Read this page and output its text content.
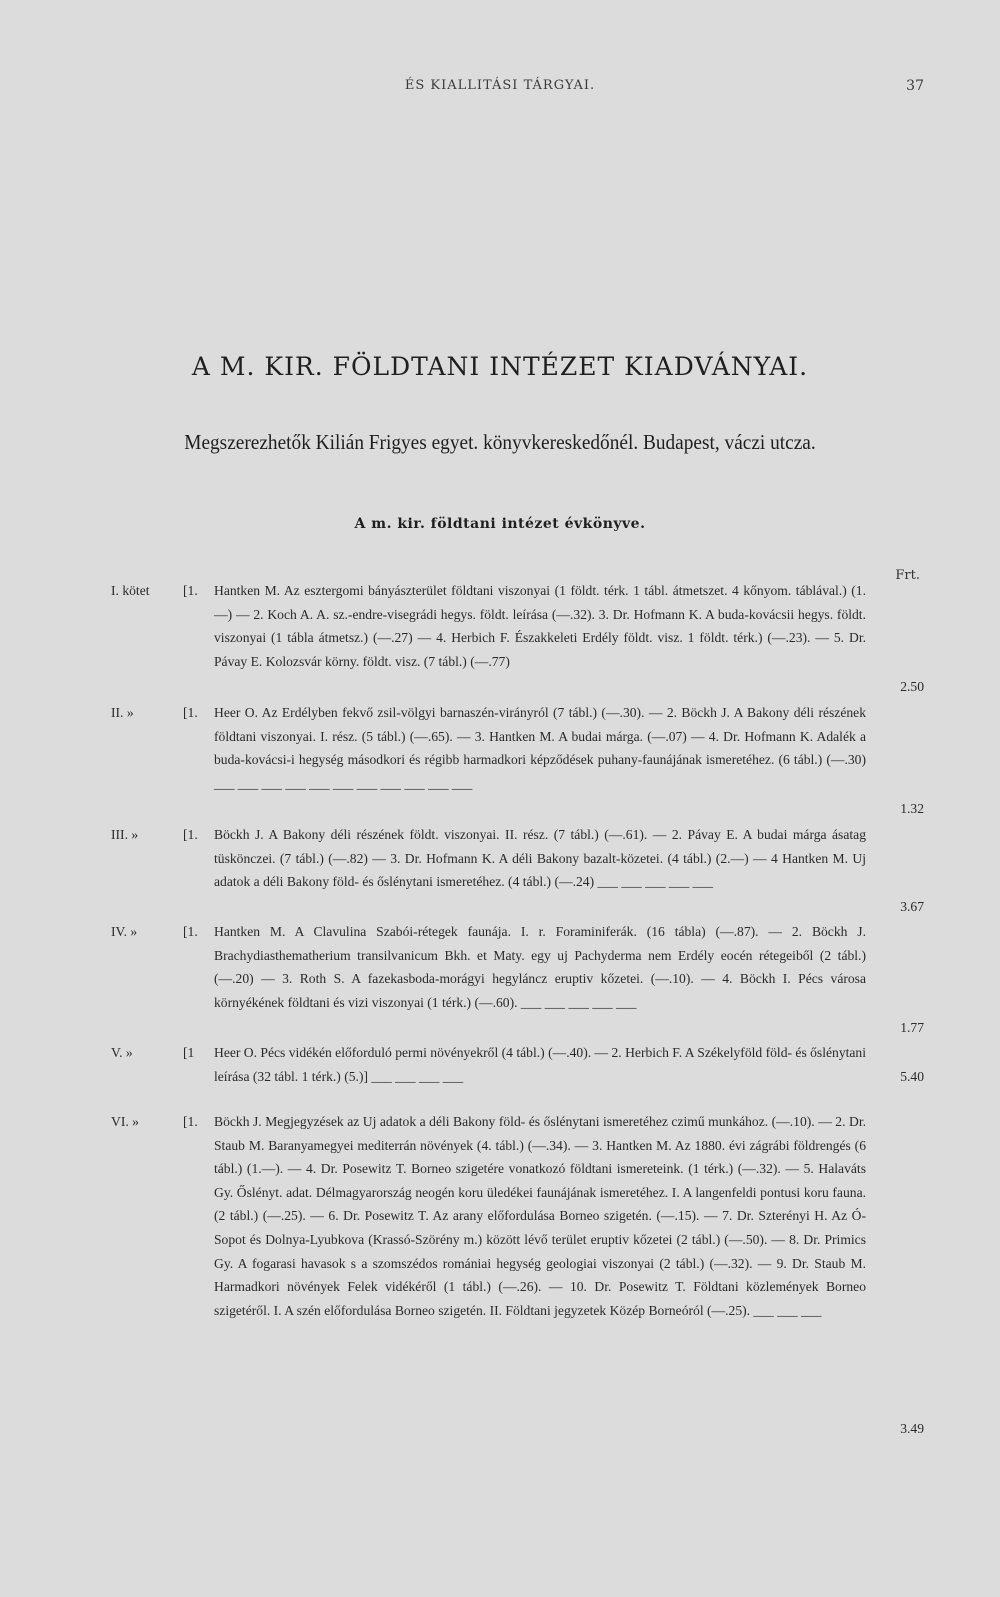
ÉS KIALLITÁSI TÁRGYAI.	37
A M. KIR. FÖLDTANI INTÉZET KIADVÁNYAI.
Megszerezhetők Kilián Frigyes egyet. könyvkereskedőnél. Budapest, váczi utcza.
A m. kir. földtani intézet évkönyve.
Frt.
I. kötet [1. Hantken M. Az esztergomi bányászterület földtani viszonyai (1 földt. térk. 1 tábl. átmetszet. 4 kőnyom. táblával.) (1.—) — 2. Koch A. A. sz.-endre-visegrádi hegys. földt. leírása (—.32). 3. Dr. Hofmann K. A buda-kovácsii hegys. földt. viszonyai (1 tábla átmetsz.) (—.27) — 4. Herbich F. Északkeleti Erdély földt. visz. 1 földt. térk.) (—.23). — 5. Dr. Pávay E. Kolozsvár körny. földt. visz. (7 tábl.) (—.77)
2.50
II. »	[1. Heer O. Az Erdélyben fekvő zsil-völgyi barnaszén-virányról (7 tábl.) (—.30). — 2. Böckh J. A Bakony déli részének földtani viszonyai. I. rész. (5 tábl.) (—.65). — 3. Hantken M. A budai márga. (—.07) — 4. Dr. Hofmann K. Adalék a buda-kovácsi-i hegység másodkori és régibb harmadkori képződések puhany-faunájának ismeretéhez. (6 tábl.) (—.30) ___ ___ ___ ___ ___ ___ ___ ___ ___ ___ ___
1.32
III. »	[1. Böckh J. A Bakony déli részének földt. viszonyai. II. rész. (7 tábl.) (—.61). — 2. Pávay E. A budai márga ásatag tüskönczei. (7 tábl.) (—.82) — 3. Dr. Hofmann K. A déli Bakony bazalt-közetei. (4 tábl.) (2.—) — 4 Hantken M. Uj adatok a déli Bakony föld- és őslénytani ismeretéhez. (4 tábl.) (—.24) ___ ___ ___ ___ ___
3.67
IV. »	[1. Hantken M. A Clavulina Szabói-rétegek faunája. I. r. Foraminiferák. (16 tábla) (—.87). — 2. Böckh J. Brachydiasthematherium transilvanicum Bkh. et Maty. egy uj Pachyderma nem Erdély eocén rétegeiből (2 tábl.) (—.20) — 3. Roth S. A fazekasboda-morágyi hegyláncz eruptiv kőzetei. (—.10). — 4. Böckh I. Pécs városa környékének földtani és vizi viszonyai (1 térk.) (—.60). ___ ___ ___ ___ ___
1.77
V. »	[1 Heer O. Pécs vidékén előforduló permi növényekről (4 tábl.) (—.40). — 2. Herbich F. A Székelyföld föld- és őslénytani leírása (32 tábl. 1 térk.) (5.)] ___ ___ ___ ___	5.40
VI. »	[1. Böckh J. Megjegyzések az Uj adatok a déli Bakony föld- és őslénytani ismeretéhez czimű munkához. (—.10). — 2. Dr. Staub M. Baranyamegyei mediterrán növények (4. tábl.) (—.34). — 3. Hantken M. Az 1880. évi zágrábi földrengés (6 tábl.) (1.—). — 4. Dr. Posewitz T. Borneo szigetére vonatkozó földtani ismereteink. (1 térk.) (—.32). — 5. Halaváts Gy. Őslényt. adat. Délmagyarország neogén koru üledékei faunájának ismeretéhez. I. A langenfeldi pontusi koru fauna. (2 tábl.) (—.25). — 6. Dr. Posewitz T. Az arany előfordulása Borneo szigetén. (—.15). — 7. Dr. Szterényi H. Az Ó-Sopot és Dolnya-Lyubkova (Krassó-Szörény m.) között lévő terület eruptiv kőzetei (2 tábl.) (—.50). — 8. Dr. Primics Gy. A fogarasi havasok s a szomszédos romániai hegység geologiai viszonyai (2 tábl.) (—.32). — 9. Dr. Staub M. Harmadkori növények Felek vidékéről (1 tábl.) (—.26). — 10. Dr. Posewitz T. Földtani közlemények Borneo szigetéről. I. A szén előfordulása Borneo szigetén. II. Földtani jegyzetek Közép Borneóról (—.25). ___ ___ ___
3.49
